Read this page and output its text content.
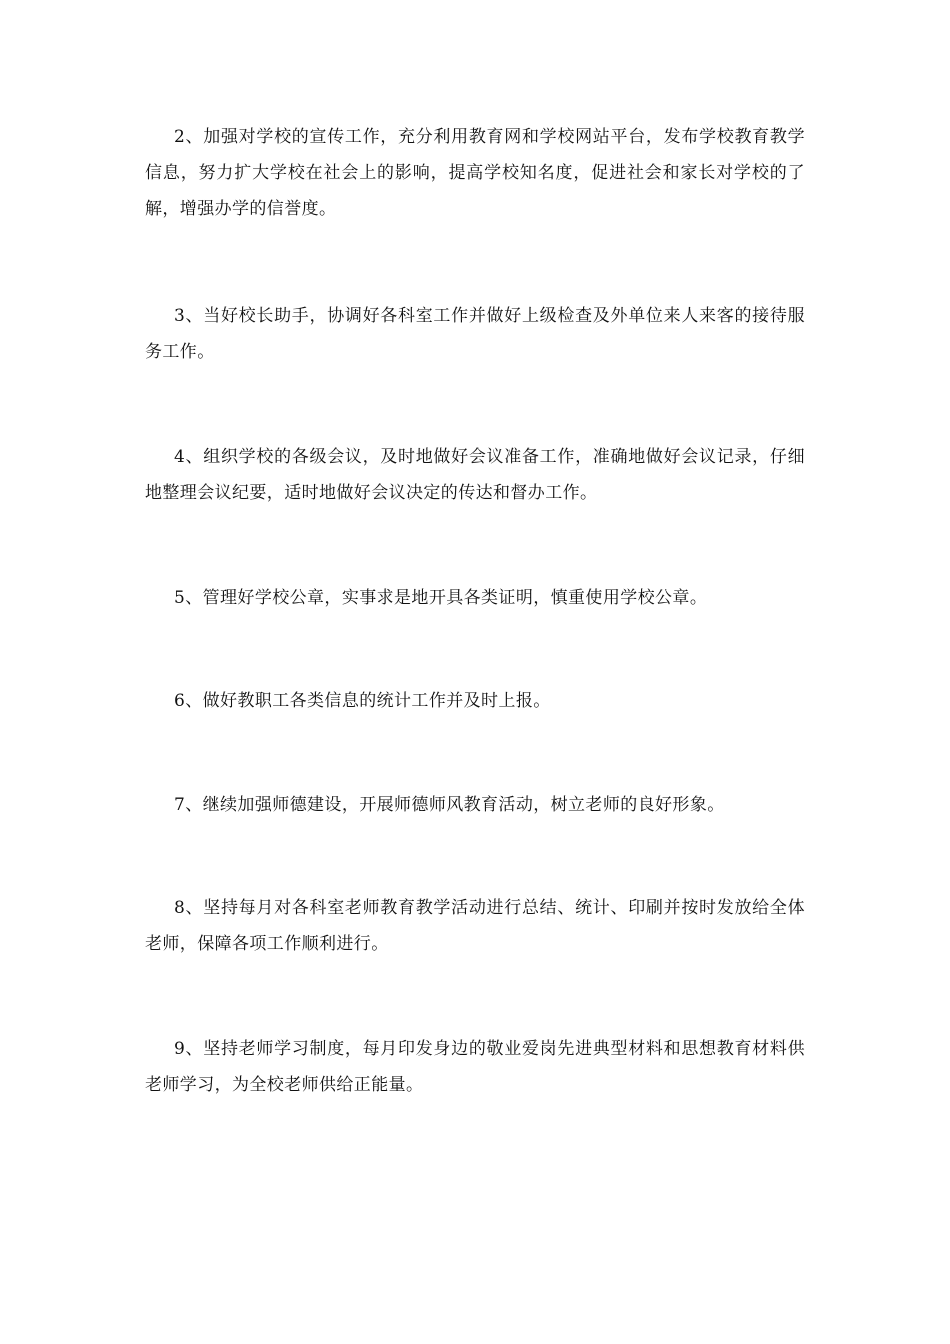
2、加强对学校的宣传工作，充分利用教育网和学校网站平台，发布学校教育教学信息，努力扩大学校在社会上的影响，提高学校知名度，促进社会和家长对学校的了解，增强办学的信誉度。

3、当好校长助手，协调好各科室工作并做好上级检查及外单位来人来客的接待服务工作。

4、组织学校的各级会议，及时地做好会议准备工作，准确地做好会议记录，仔细地整理会议纪要，适时地做好会议决定的传达和督办工作。

5、管理好学校公章，实事求是地开具各类证明，慎重使用学校公章。

6、做好教职工各类信息的统计工作并及时上报。

7、继续加强师德建设，开展师德师风教育活动，树立老师的良好形象。

8、坚持每月对各科室老师教育教学活动进行总结、统计、印刷并按时发放给全体老师，保障各项工作顺利进行。

9、坚持老师学习制度，每月印发身边的敬业爱岗先进典型材料和思想教育材料供老师学习，为全校老师供给正能量。
